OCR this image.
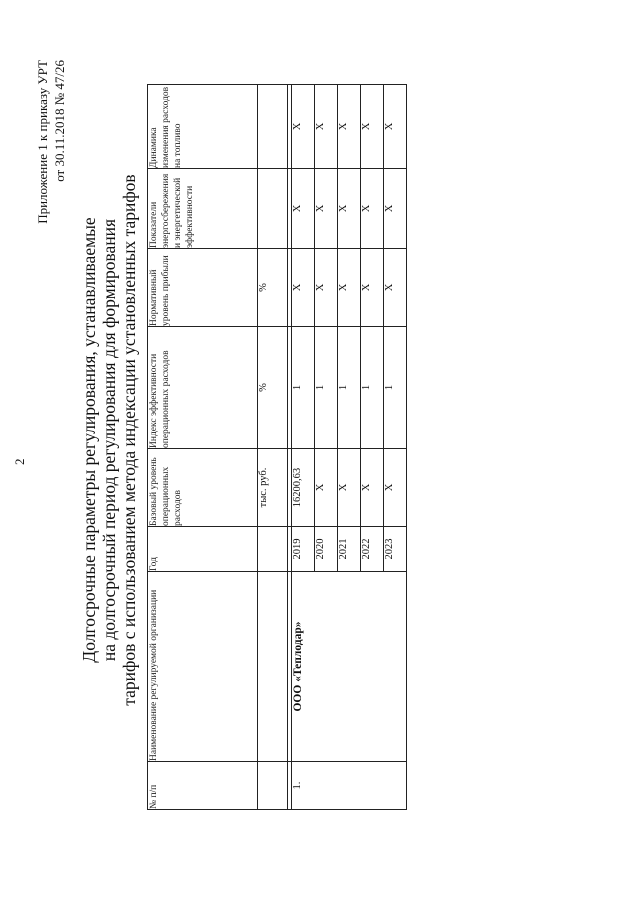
2
Приложение 1 к приказу УРТ от 30.11.2018 № 47/26
Долгосрочные параметры регулирования, устанавливаемые на долгосрочный период регулирования для формирования тарифов с использованием метода индексации установленных тарифов
№ п/п	Наименование регулируемой организации	Год	Базовый уровень операционных расходов	Индекс эффективности операционных расходов	Нормативный уровень прибыли	Показатели энергосбережения и энергетической эффективности	Динамика изменения расходов на топливо
			тыс. руб.	%	%		

1.	ООО «Теплодар»	2019	16200,63	1	X	X	X
		2020	X	1	X	X	X
		2021	X	1	X	X	X
		2022	X	1	X	X	X
		2023	X	1	X	X	X
